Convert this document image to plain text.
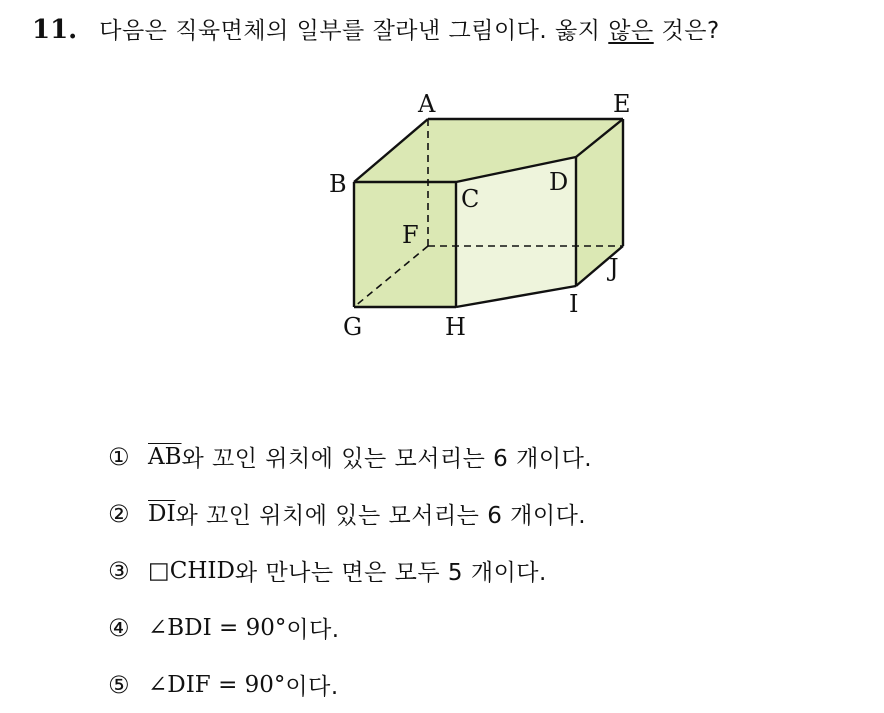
11. 다음은 직육면체의 일부를 잘라낸 그림이다. 옳지 않은 것은?
A	E
B
C
D
F
J
I
G	H
① $\overline{AB}$ 와 꼬인 위치에 있는 모서리는 6 개이다.
② $\overline{DI}$ 와 꼬인 위치에 있는 모서리는 6 개이다.
③ □CHID 와 만나는 면은 모두 5 개이다.
④ ∠BDI = 90° 이다.
⑤ ∠DIF = 90° 이다.
